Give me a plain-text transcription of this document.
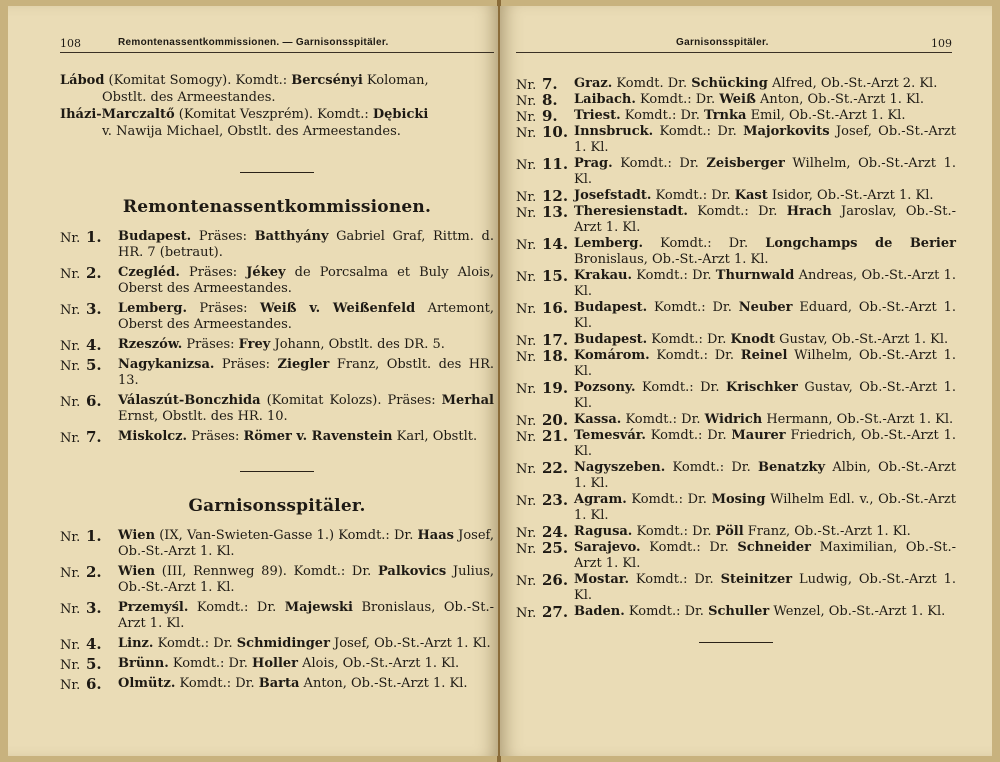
108	Remontenassentkommissionen. — Garnisonsspitäler.

Lábod (Komitat Somogy). Komdt.: Bercsényi Koloman,
Obstlt. des Armeestandes.

Iházi-Marczaltő (Komitat Veszprém). Komdt.: Dębicki
v. Nawija Michael, Obstlt. des Armeestandes.

Remontenassentkommissionen.
Nr. 1.	Budapest. Präses: Batthyány Gabriel Graf, Rittm. d. HR. 7 (betraut).
Nr. 2.	Czegléd. Präses: Jékey de Porcsalma et Buly Alois, Oberst des Armeestandes.
Nr. 3.	Lemberg. Präses: Weiß v. Weißenfeld Artemont, Oberst des Armeestandes.
Nr. 4.	Rzeszów. Präses: Frey Johann, Obstlt. des DR. 5.
Nr. 5.	Nagykanizsa. Präses: Ziegler Franz, Obstlt. des HR. 13.
Nr. 6.	Válaszút-Bonczhida (Komitat Kolozs). Präses: Merhal Ernst, Obstlt. des HR. 10.
Nr. 7.	Miskolcz. Präses: Römer v. Ravenstein Karl, Obstlt.
Garnisonsspitäler.
Nr. 1.	Wien (IX, Van-Swieten-Gasse 1.) Komdt.: Dr. Haas Josef, Ob.-St.-Arzt 1. Kl.
Nr. 2.	Wien (III, Rennweg 89). Komdt.: Dr. Palkovics Julius, Ob.-St.-Arzt 1. Kl.
Nr. 3.	Przemyśl. Komdt.: Dr. Majewski Bronislaus, Ob.-St.-Arzt 1. Kl.
Nr. 4.	Linz. Komdt.: Dr. Schmidinger Josef, Ob.-St.-Arzt 1. Kl.
Nr. 5.	Brünn. Komdt.: Dr. Holler Alois, Ob.-St.-Arzt 1. Kl.
Nr. 6.	Olmütz. Komdt.: Dr. Barta Anton, Ob.-St.-Arzt 1. Kl.
Garnisonsspitäler.	109
Nr. 7.	Graz. Komdt. Dr. Schücking Alfred, Ob.-St.-Arzt 2. Kl.
Nr. 8.	Laibach. Komdt.: Dr. Weiß Anton, Ob.-St.-Arzt 1. Kl.
Nr. 9.	Triest. Komdt.: Dr. Trnka Emil, Ob.-St.-Arzt 1. Kl.
Nr. 10. Innsbruck. Komdt.: Dr. Majorkovits Josef, Ob.-St.-Arzt 1. Kl.
Nr. 11. Prag. Komdt.: Dr. Zeisberger Wilhelm, Ob.-St.-Arzt 1. Kl.
Nr. 12. Josefstadt. Komdt.: Dr. Kast Isidor, Ob.-St.-Arzt 1. Kl.
Nr. 13. Theresienstadt. Komdt.: Dr. Hrach Jaroslav, Ob.-St.-Arzt 1. Kl.
Nr. 14. Lemberg. Komdt.: Dr. Longchamps de Berier Bronislaus, Ob.-St.-Arzt 1. Kl.
Nr. 15. Krakau. Komdt.: Dr. Thurnwald Andreas, Ob.-St.-Arzt 1. Kl.
Nr. 16. Budapest. Komdt.: Dr. Neuber Eduard, Ob.-St.-Arzt 1. Kl.
Nr. 17. Budapest. Komdt.: Dr. Knodt Gustav, Ob.-St.-Arzt 1. Kl.
Nr. 18. Komárom. Komdt.: Dr. Reinel Wilhelm, Ob.-St.-Arzt 1. Kl.
Nr. 19. Pozsony. Komdt.: Dr. Krischker Gustav, Ob.-St.-Arzt 1. Kl.
Nr. 20. Kassa. Komdt.: Dr. Widrich Hermann, Ob.-St.-Arzt 1. Kl.
Nr. 21. Temesvár. Komdt.: Dr. Maurer Friedrich, Ob.-St.-Arzt 1. Kl.
Nr. 22. Nagyszeben. Komdt.: Dr. Benatzky Albin, Ob.-St.-Arzt 1. Kl.
Nr. 23. Agram. Komdt.: Dr. Mosing Wilhelm Edl. v., Ob.-St.-Arzt 1. Kl.
Nr. 24. Ragusa. Komdt.: Dr. Pöll Franz, Ob.-St.-Arzt 1. Kl.
Nr. 25. Sarajevo. Komdt.: Dr. Schneider Maximilian, Ob.-St.-Arzt 1. Kl.
Nr. 26. Mostar. Komdt.: Dr. Steinitzer Ludwig, Ob.-St.-Arzt 1. Kl.
Nr. 27. Baden. Komdt.: Dr. Schuller Wenzel, Ob.-St.-Arzt 1. Kl.
